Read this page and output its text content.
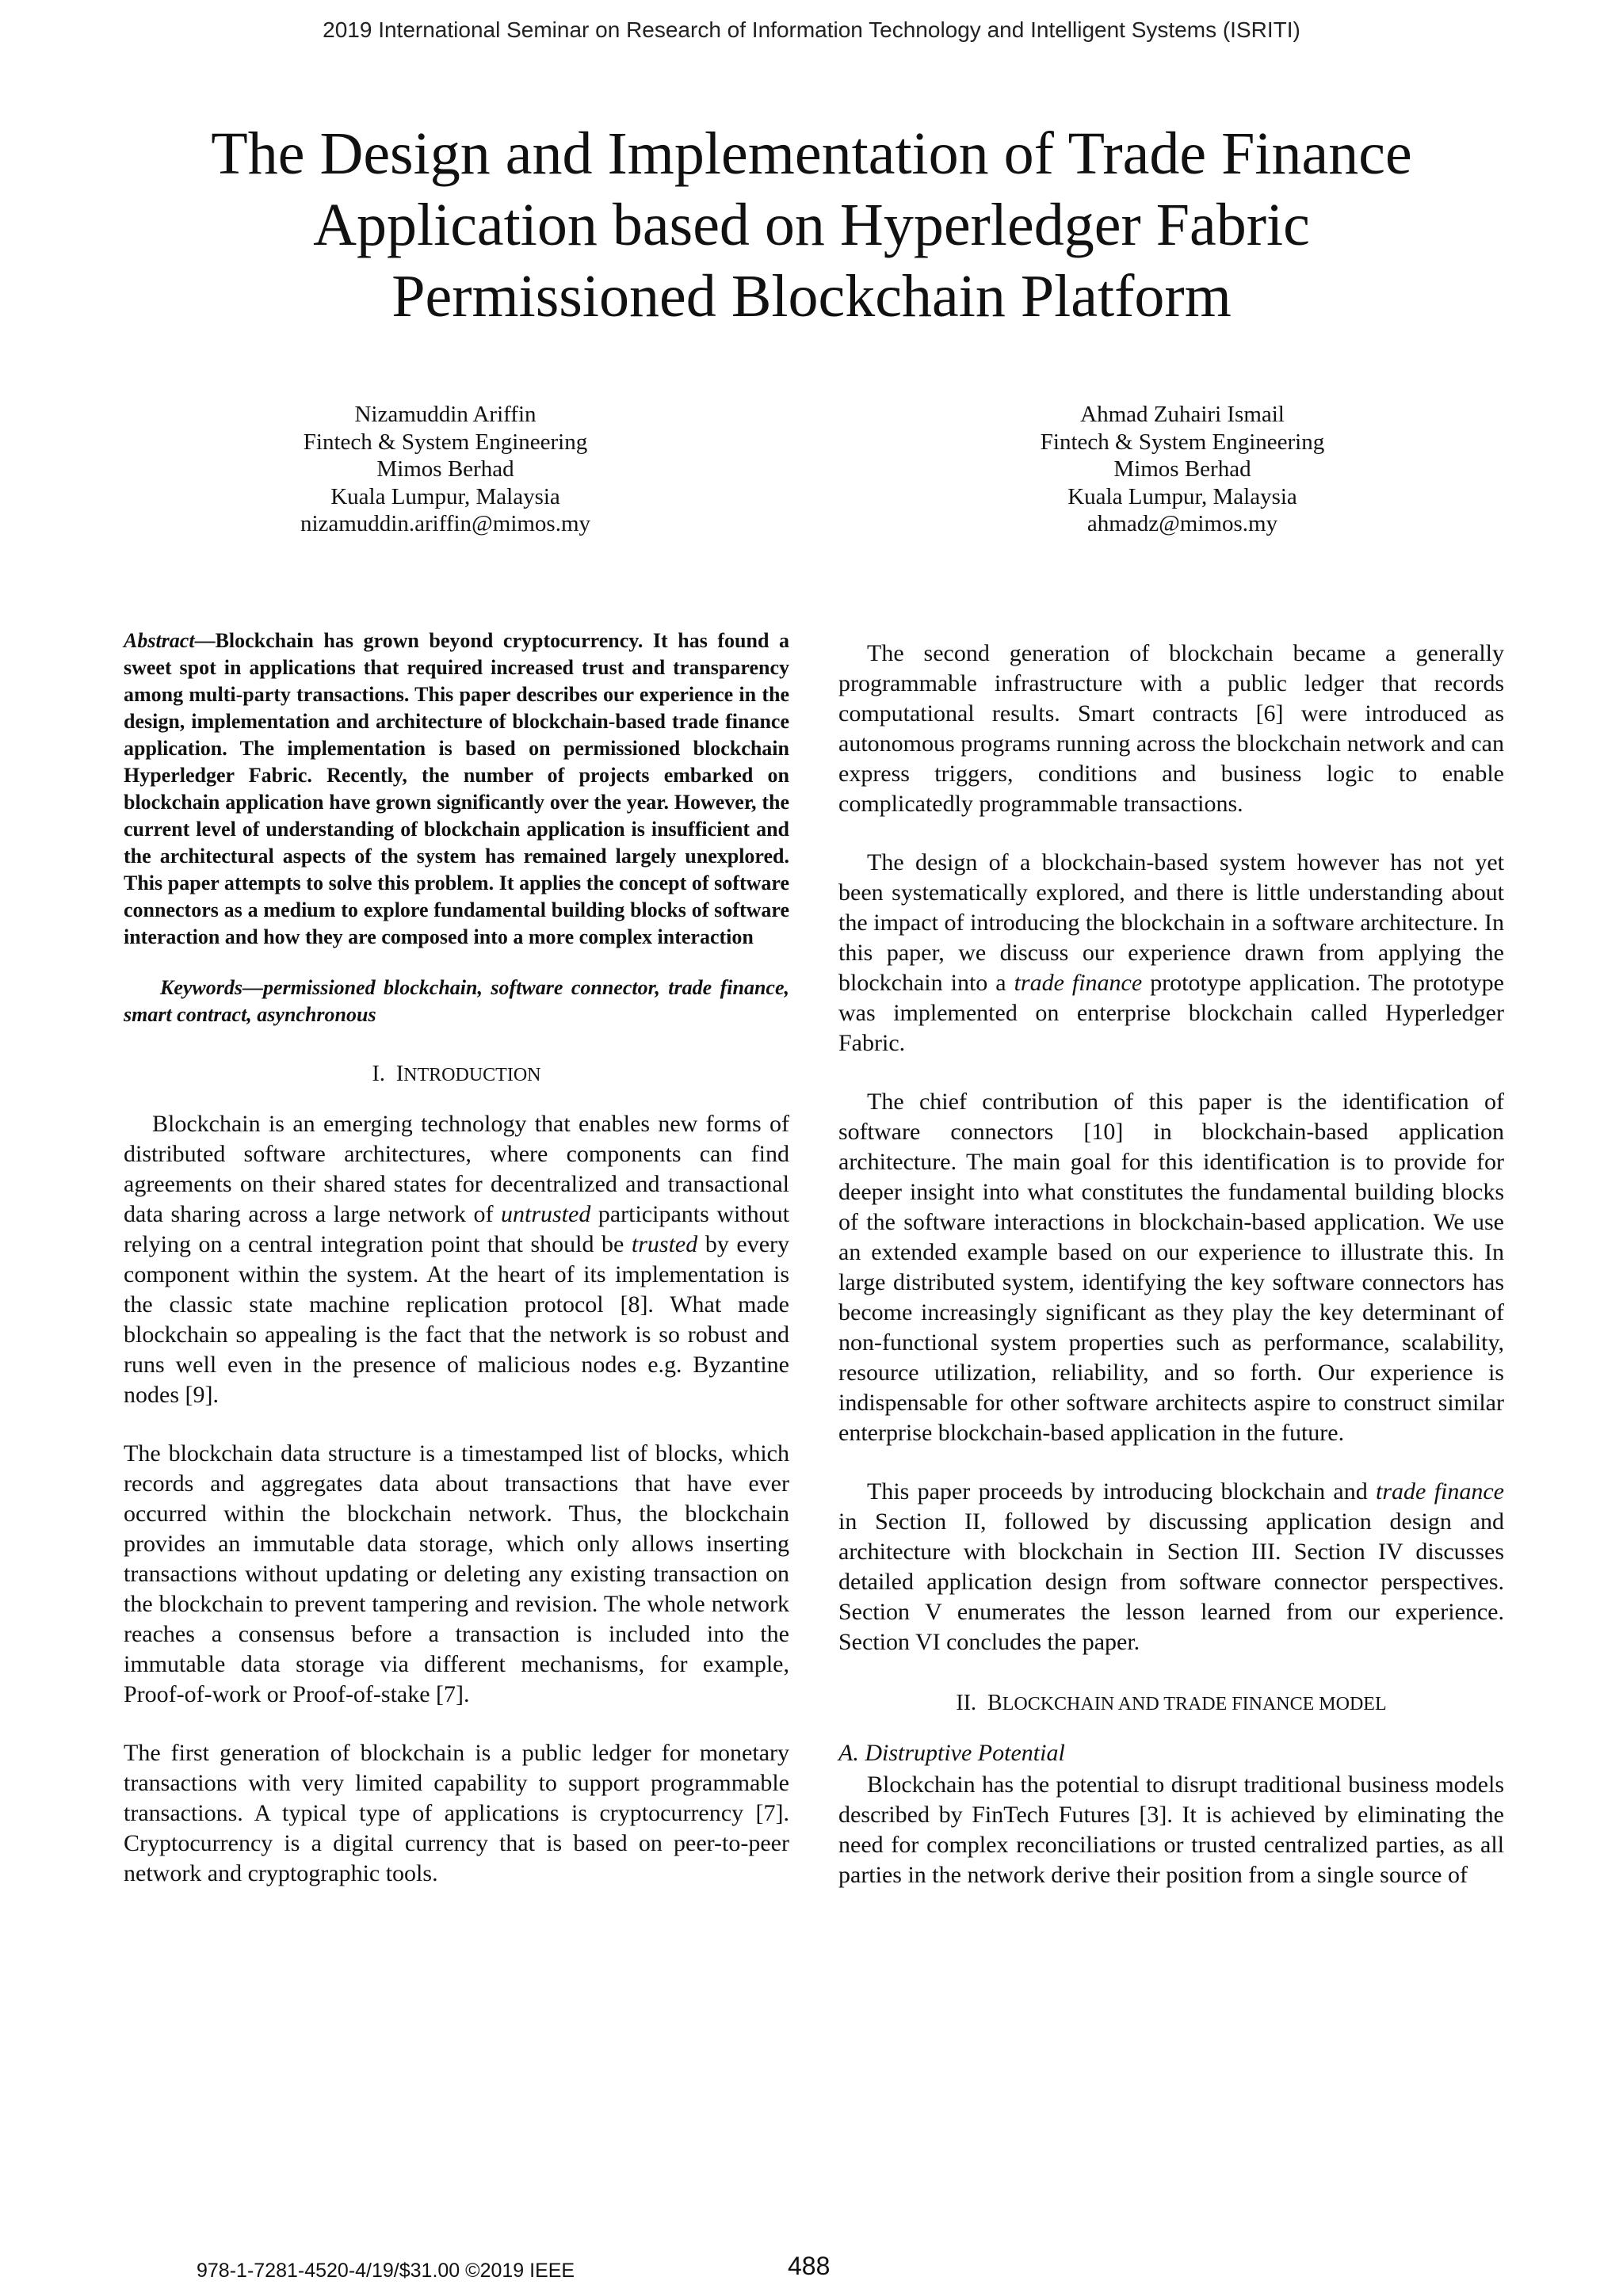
2019 International Seminar on Research of Information Technology and Intelligent Systems (ISRITI)
The Design and Implementation of Trade Finance
Application based on Hyperledger Fabric
Permissioned Blockchain Platform
Nizamuddin Ariffin
Fintech & System Engineering
Mimos Berhad
Kuala Lumpur, Malaysia
nizamuddin.ariffin@mimos.my
Ahmad Zuhairi Ismail
Fintech & System Engineering
Mimos Berhad
Kuala Lumpur, Malaysia
ahmadz@mimos.my

Abstract—Blockchain has grown beyond cryptocurrency. It has found a sweet spot in applications that required increased trust and transparency among multi-party transactions. This paper describes our experience in the design, implementation and architecture of blockchain-based trade finance application. The implementation is based on permissioned blockchain Hyperledger Fabric. Recently, the number of projects embarked on blockchain application have grown significantly over the year. However, the current level of understanding of blockchain application is insufficient and the architectural aspects of the system has remained largely unexplored. This paper attempts to solve this problem. It applies the concept of software connectors as a medium to explore fundamental building blocks of software interaction and how they are composed into a more complex interaction

Keywords—permissioned blockchain, software connector, trade finance, smart contract, asynchronous

I. INTRODUCTION

Blockchain is an emerging technology that enables new forms of distributed software architectures, where components can find agreements on their shared states for decentralized and transactional data sharing across a large network of untrusted participants without relying on a central integration point that should be trusted by every component within the system. At the heart of its implementation is the classic state machine replication protocol [8]. What made blockchain so appealing is the fact that the network is so robust and runs well even in the presence of malicious nodes e.g. Byzantine nodes [9].

The blockchain data structure is a timestamped list of blocks, which records and aggregates data about transactions that have ever occurred within the blockchain network. Thus, the blockchain provides an immutable data storage, which only allows inserting transactions without updating or deleting any existing transaction on the blockchain to prevent tampering and revision. The whole network reaches a consensus before a transaction is included into the immutable data storage via different mechanisms, for example, Proof-of-work or Proof-of-stake [7].

The first generation of blockchain is a public ledger for monetary transactions with very limited capability to support programmable transactions. A typical type of applications is cryptocurrency [7]. Cryptocurrency is a digital currency that is based on peer-to-peer network and cryptographic tools.

The second generation of blockchain became a generally programmable infrastructure with a public ledger that records computational results. Smart contracts [6] were introduced as autonomous programs running across the blockchain network and can express triggers, conditions and business logic to enable complicatedly programmable transactions.

The design of a blockchain-based system however has not yet been systematically explored, and there is little understanding about the impact of introducing the blockchain in a software architecture. In this paper, we discuss our experience drawn from applying the blockchain into a trade finance prototype application. The prototype was implemented on enterprise blockchain called Hyperledger Fabric.

The chief contribution of this paper is the identification of software connectors [10] in blockchain-based application architecture. The main goal for this identification is to provide for deeper insight into what constitutes the fundamental building blocks of the software interactions in blockchain-based application. We use an extended example based on our experience to illustrate this. In large distributed system, identifying the key software connectors has become increasingly significant as they play the key determinant of non-functional system properties such as performance, scalability, resource utilization, reliability, and so forth. Our experience is indispensable for other software architects aspire to construct similar enterprise blockchain-based application in the future.

This paper proceeds by introducing blockchain and trade finance in Section II, followed by discussing application design and architecture with blockchain in Section III. Section IV discusses detailed application design from software connector perspectives. Section V enumerates the lesson learned from our experience. Section VI concludes the paper.

II. BLOCKCHAIN AND TRADE FINANCE MODEL
A. Distruptive Potential

Blockchain has the potential to disrupt traditional business models described by FinTech Futures [3]. It is achieved by eliminating the need for complex reconciliations or trusted centralized parties, as all parties in the network derive their position from a single source of

978-1-7281-4520-4/19/$31.00 ©2019 IEEE	488
